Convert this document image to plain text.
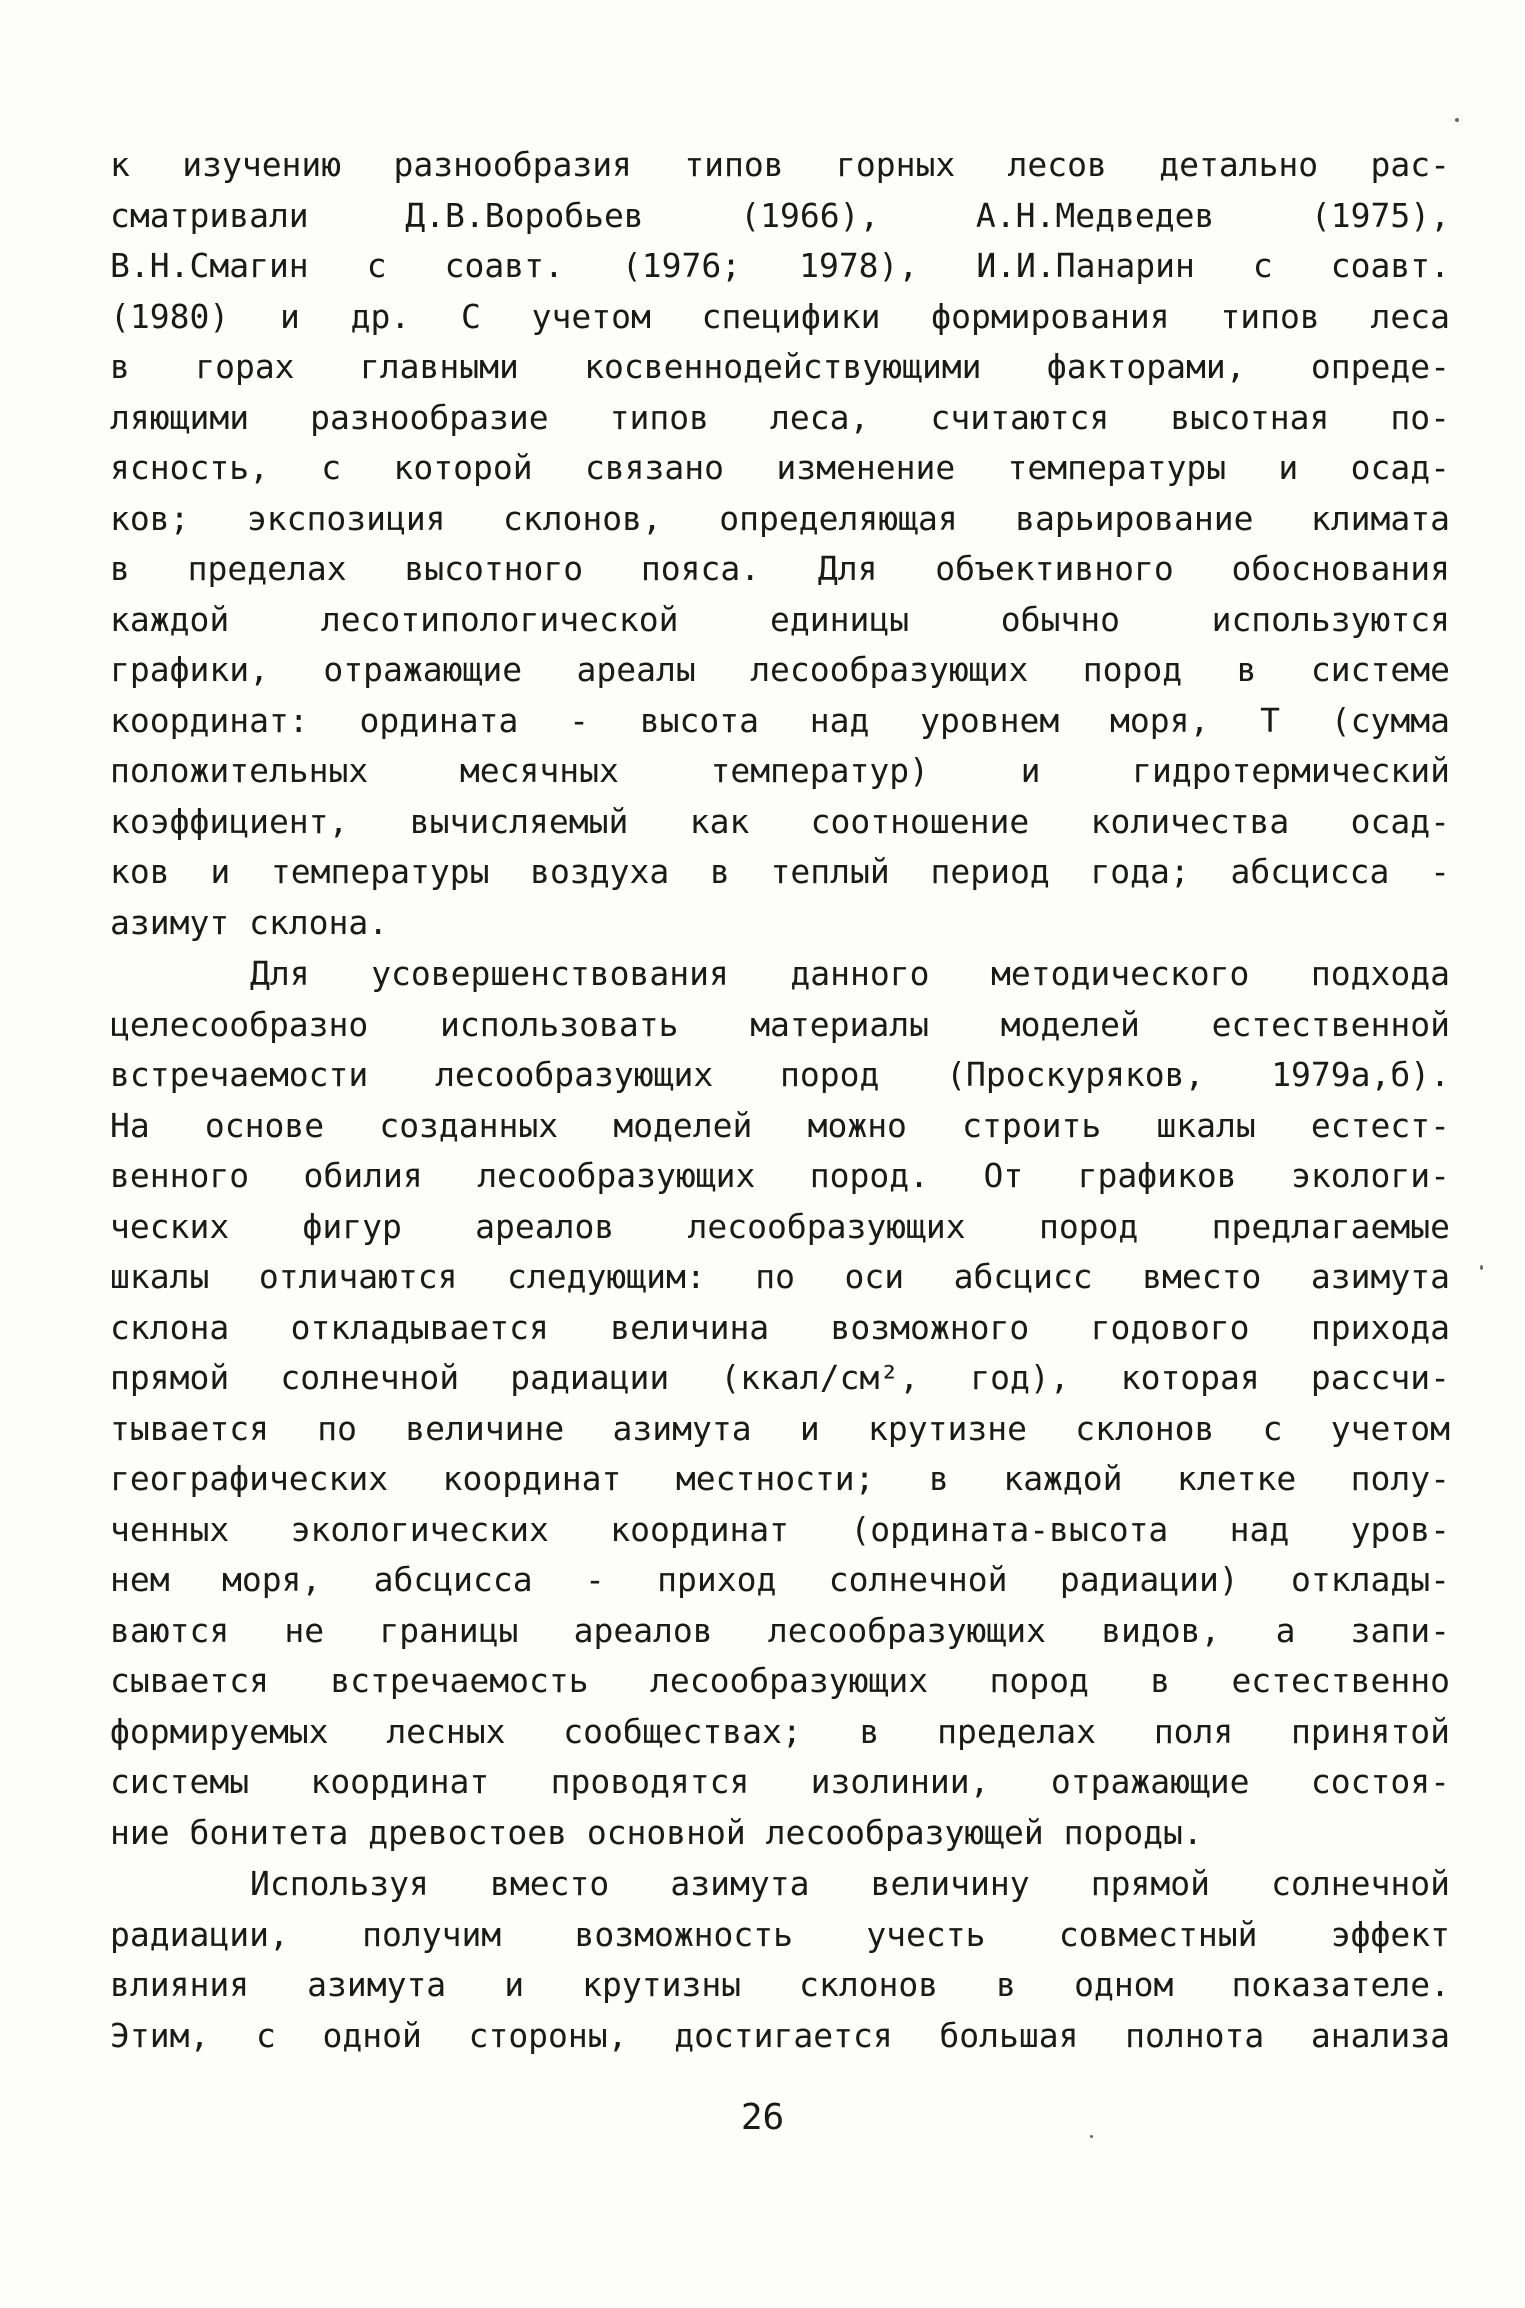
к изучению разнообразия типов горных лесов детально рас-
сматривали Д.В.Воробьев (1966), А.Н.Медведев (1975),
В.Н.Смагин с соавт. (1976; 1978), И.И.Панарин с соавт.
(1980) и др. С учетом специфики формирования типов леса
в горах главными косвеннодействующими факторами, опреде-
ляющими разнообразие типов леса, считаются высотная по-
ясность, с которой связано изменение температуры и осад-
ков; экспозиция склонов, определяющая варьирование климата
в пределах высотного пояса. Для объективного обоснования
каждой лесотипологической единицы обычно используются
графики, отражающие ареалы лесообразующих пород в системе
координат: ордината - высота над уровнем моря, T (сумма
положительных месячных температур) и гидротермический
коэффициент, вычисляемый как соотношение количества осад-
ков и температуры воздуха в теплый период года; абсцисса -
азимут склона.
Для усовершенствования данного методического подхода
целесообразно использовать материалы моделей естественной
встречаемости лесообразующих пород (Проскуряков, 1979а,б).
На основе созданных моделей можно строить шкалы естест-
венного обилия лесообразующих пород. От графиков экологи-
ческих фигур ареалов лесообразующих пород предлагаемые
шкалы отличаются следующим: по оси абсцисс вместо азимута
склона откладывается величина возможного годового прихода
прямой солнечной радиации (ккал/см², год), которая рассчи-
тывается по величине азимута и крутизне склонов с учетом
географических координат местности; в каждой клетке полу-
ченных экологических координат (ордината-высота над уров-
нем моря, абсцисса - приход солнечной радиации) отклады-
ваются не границы ареалов лесообразующих видов, а запи-
сывается встречаемость лесообразующих пород в естественно
формируемых лесных сообществах; в пределах поля принятой
системы координат проводятся изолинии, отражающие состоя-
ние бонитета древостоев основной лесообразующей породы.
Используя вместо азимута величину прямой солнечной
радиации, получим возможность учесть совместный эффект
влияния азимута и крутизны склонов в одном показателе.
Этим, с одной стороны, достигается большая полнота анализа
26
